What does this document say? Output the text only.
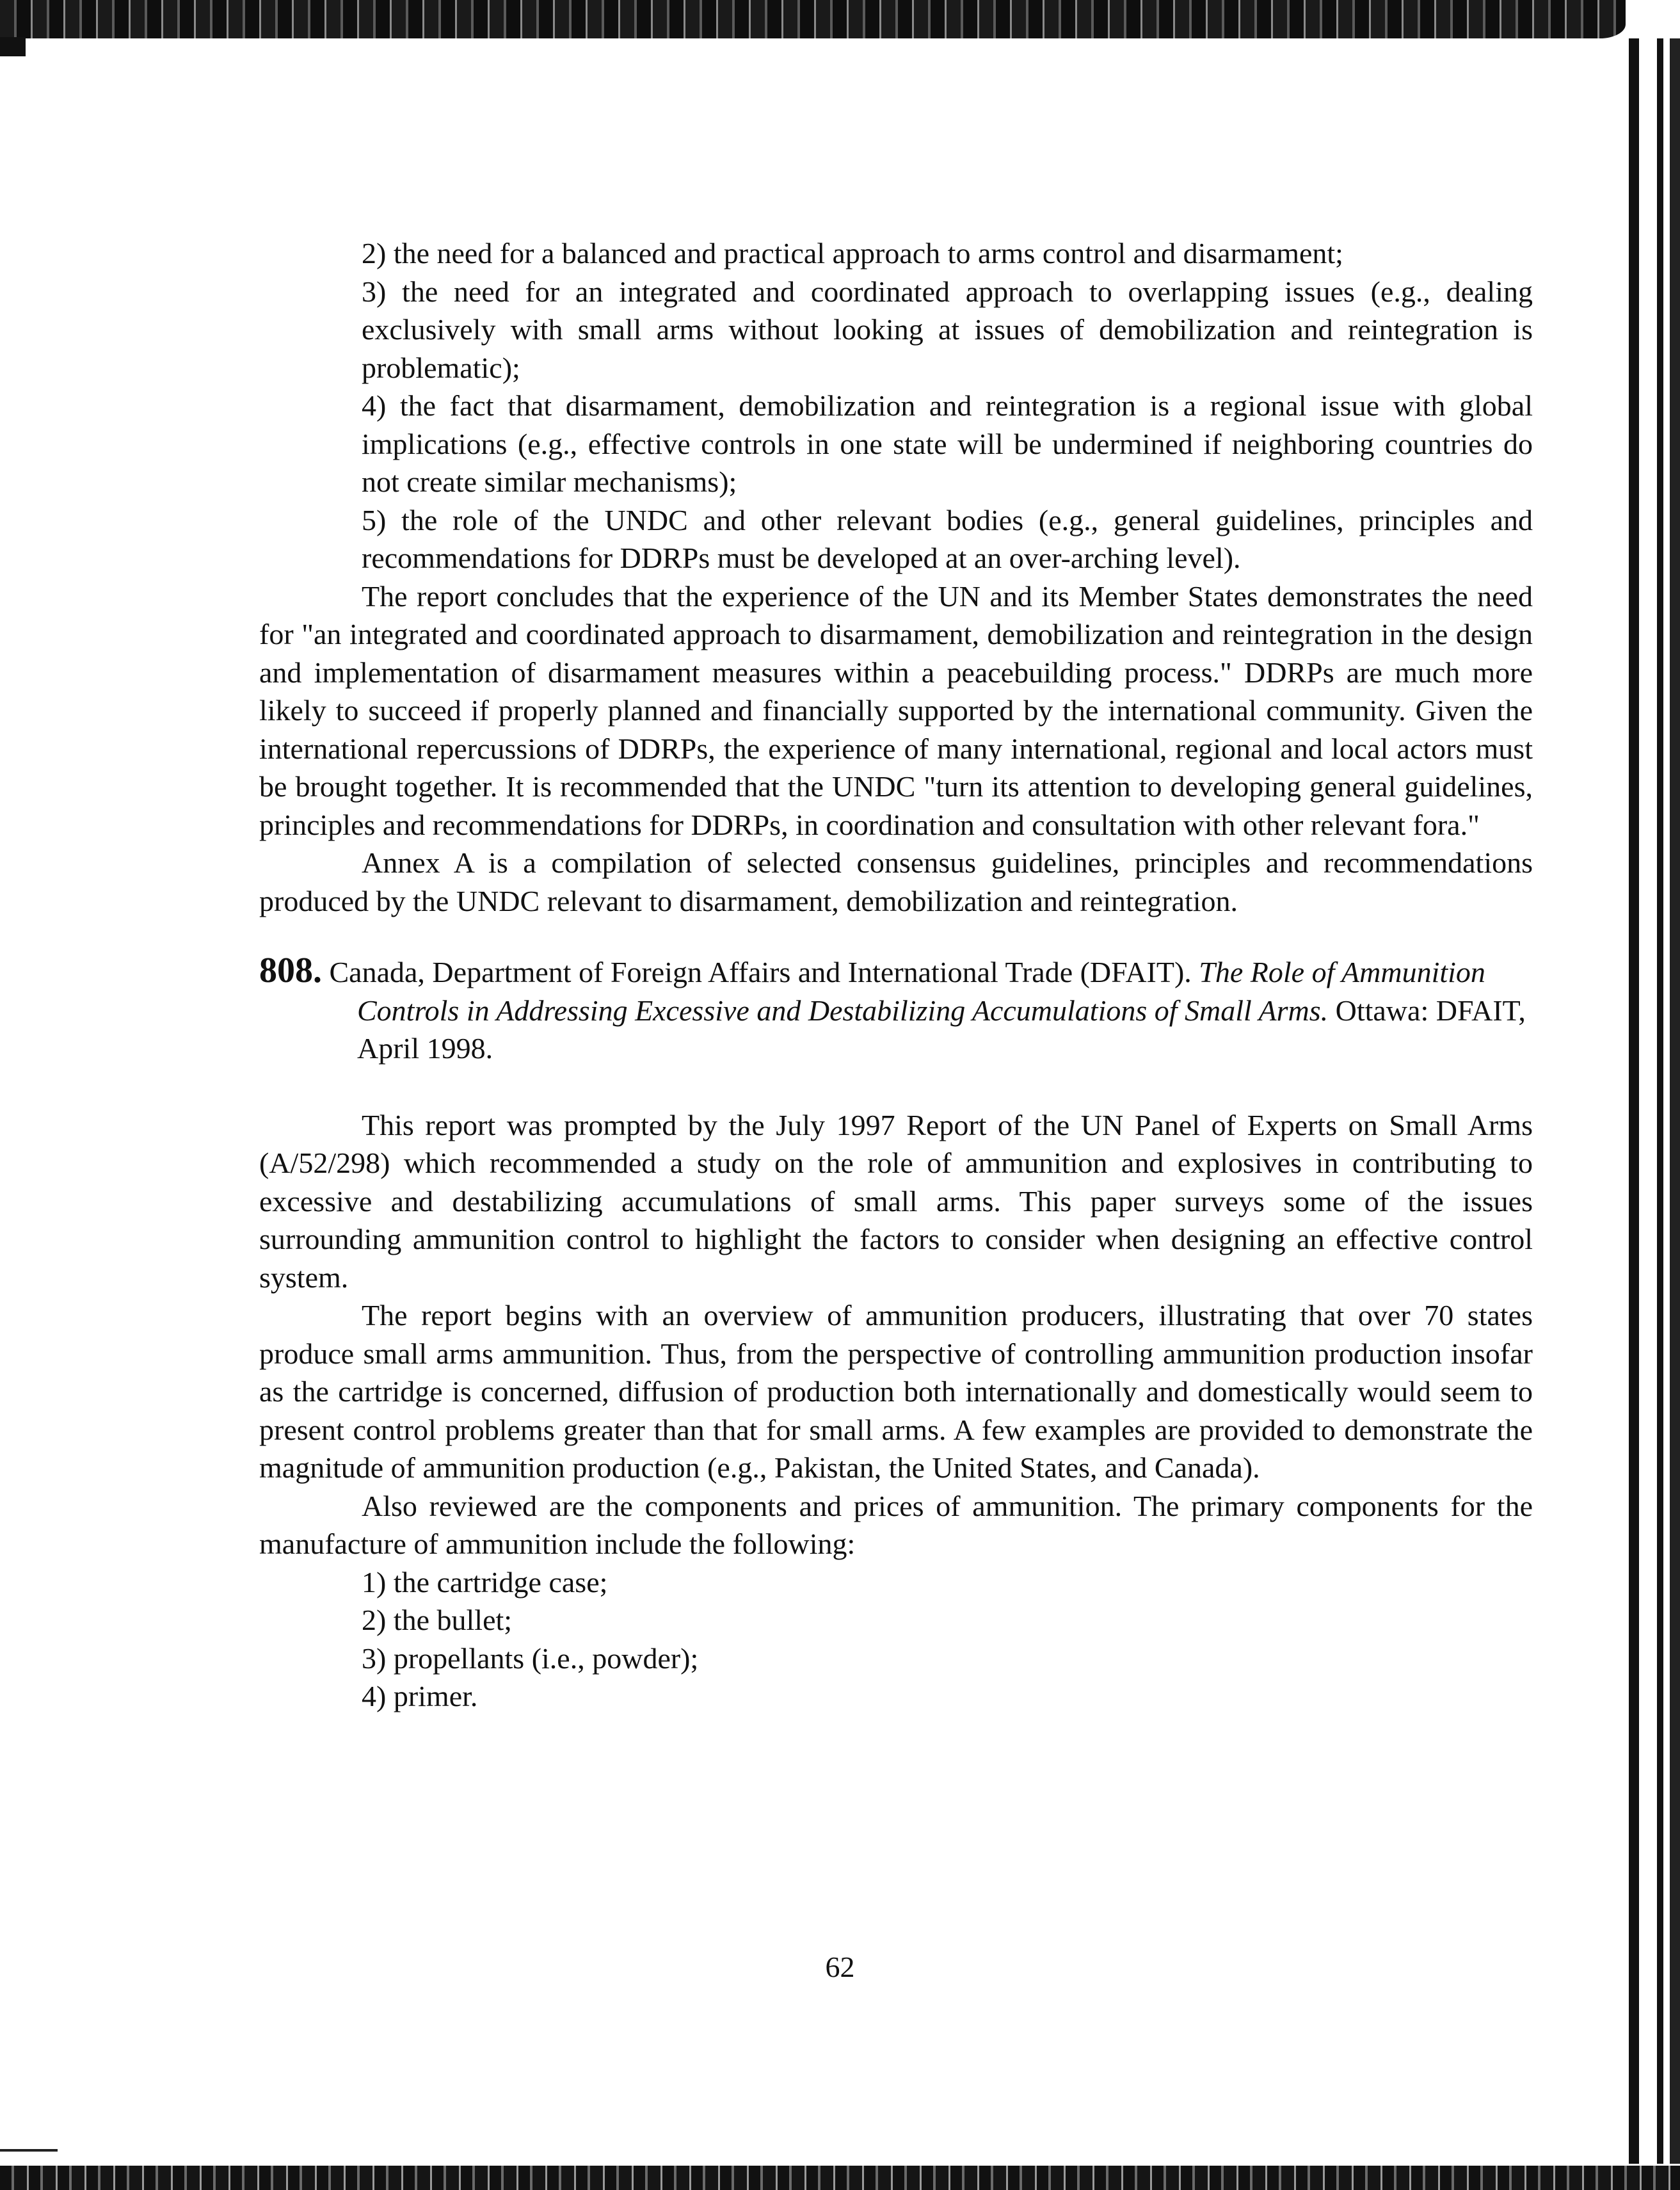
2) the need for a balanced and practical approach to arms control and disarmament;

3) the need for an integrated and coordinated approach to overlapping issues (e.g., dealing exclusively with small arms without looking at issues of demobilization and reintegration is problematic);

4) the fact that disarmament, demobilization and reintegration is a regional issue with global implications (e.g., effective controls in one state will be undermined if neighboring countries do not create similar mechanisms);

5) the role of the UNDC and other relevant bodies (e.g., general guidelines, principles and recommendations for DDRPs must be developed at an over-arching level).

The report concludes that the experience of the UN and its Member States demonstrates the need for "an integrated and coordinated approach to disarmament, demobilization and reintegration in the design and implementation of disarmament measures within a peacebuilding process." DDRPs are much more likely to succeed if properly planned and financially supported by the international community. Given the international repercussions of DDRPs, the experience of many international, regional and local actors must be brought together. It is recommended that the UNDC "turn its attention to developing general guidelines, principles and recommendations for DDRPs, in coordination and consultation with other relevant fora."

Annex A is a compilation of selected consensus guidelines, principles and recommendations produced by the UNDC relevant to disarmament, demobilization and reintegration.

808. Canada, Department of Foreign Affairs and International Trade (DFAIT). The Role of Ammunition Controls in Addressing Excessive and Destabilizing Accumulations of Small Arms. Ottawa: DFAIT, April 1998.

This report was prompted by the July 1997 Report of the UN Panel of Experts on Small Arms (A/52/298) which recommended a study on the role of ammunition and explosives in contributing to excessive and destabilizing accumulations of small arms. This paper surveys some of the issues surrounding ammunition control to highlight the factors to consider when designing an effective control system.

The report begins with an overview of ammunition producers, illustrating that over 70 states produce small arms ammunition. Thus, from the perspective of controlling ammunition production insofar as the cartridge is concerned, diffusion of production both internationally and domestically would seem to present control problems greater than that for small arms. A few examples are provided to demonstrate the magnitude of ammunition production (e.g., Pakistan, the United States, and Canada).

Also reviewed are the components and prices of ammunition. The primary components for the manufacture of ammunition include the following:

1) the cartridge case;

2) the bullet;

3) propellants (i.e., powder);

4) primer.

62
